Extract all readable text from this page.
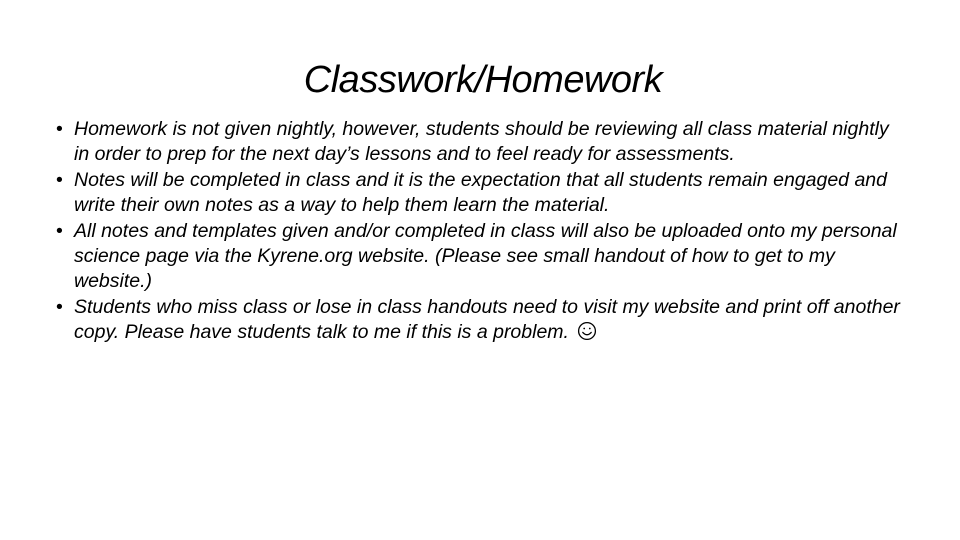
Classwork/Homework
• Homework is not given nightly, however, students should be reviewing all class material nightly in order to prep for the next day’s lessons and to feel ready for assessments.
• Notes will be completed in class and it is the expectation that all students remain engaged and write their own notes as a way to help them learn the material.
• All notes and templates given and/or completed in class will also be uploaded onto my personal science page via the Kyrene.org website. (Please see small handout of how to get to my website.)
• Students who miss class or lose in class handouts need to visit my website and print off another copy. Please have students talk to me if this is a problem.
